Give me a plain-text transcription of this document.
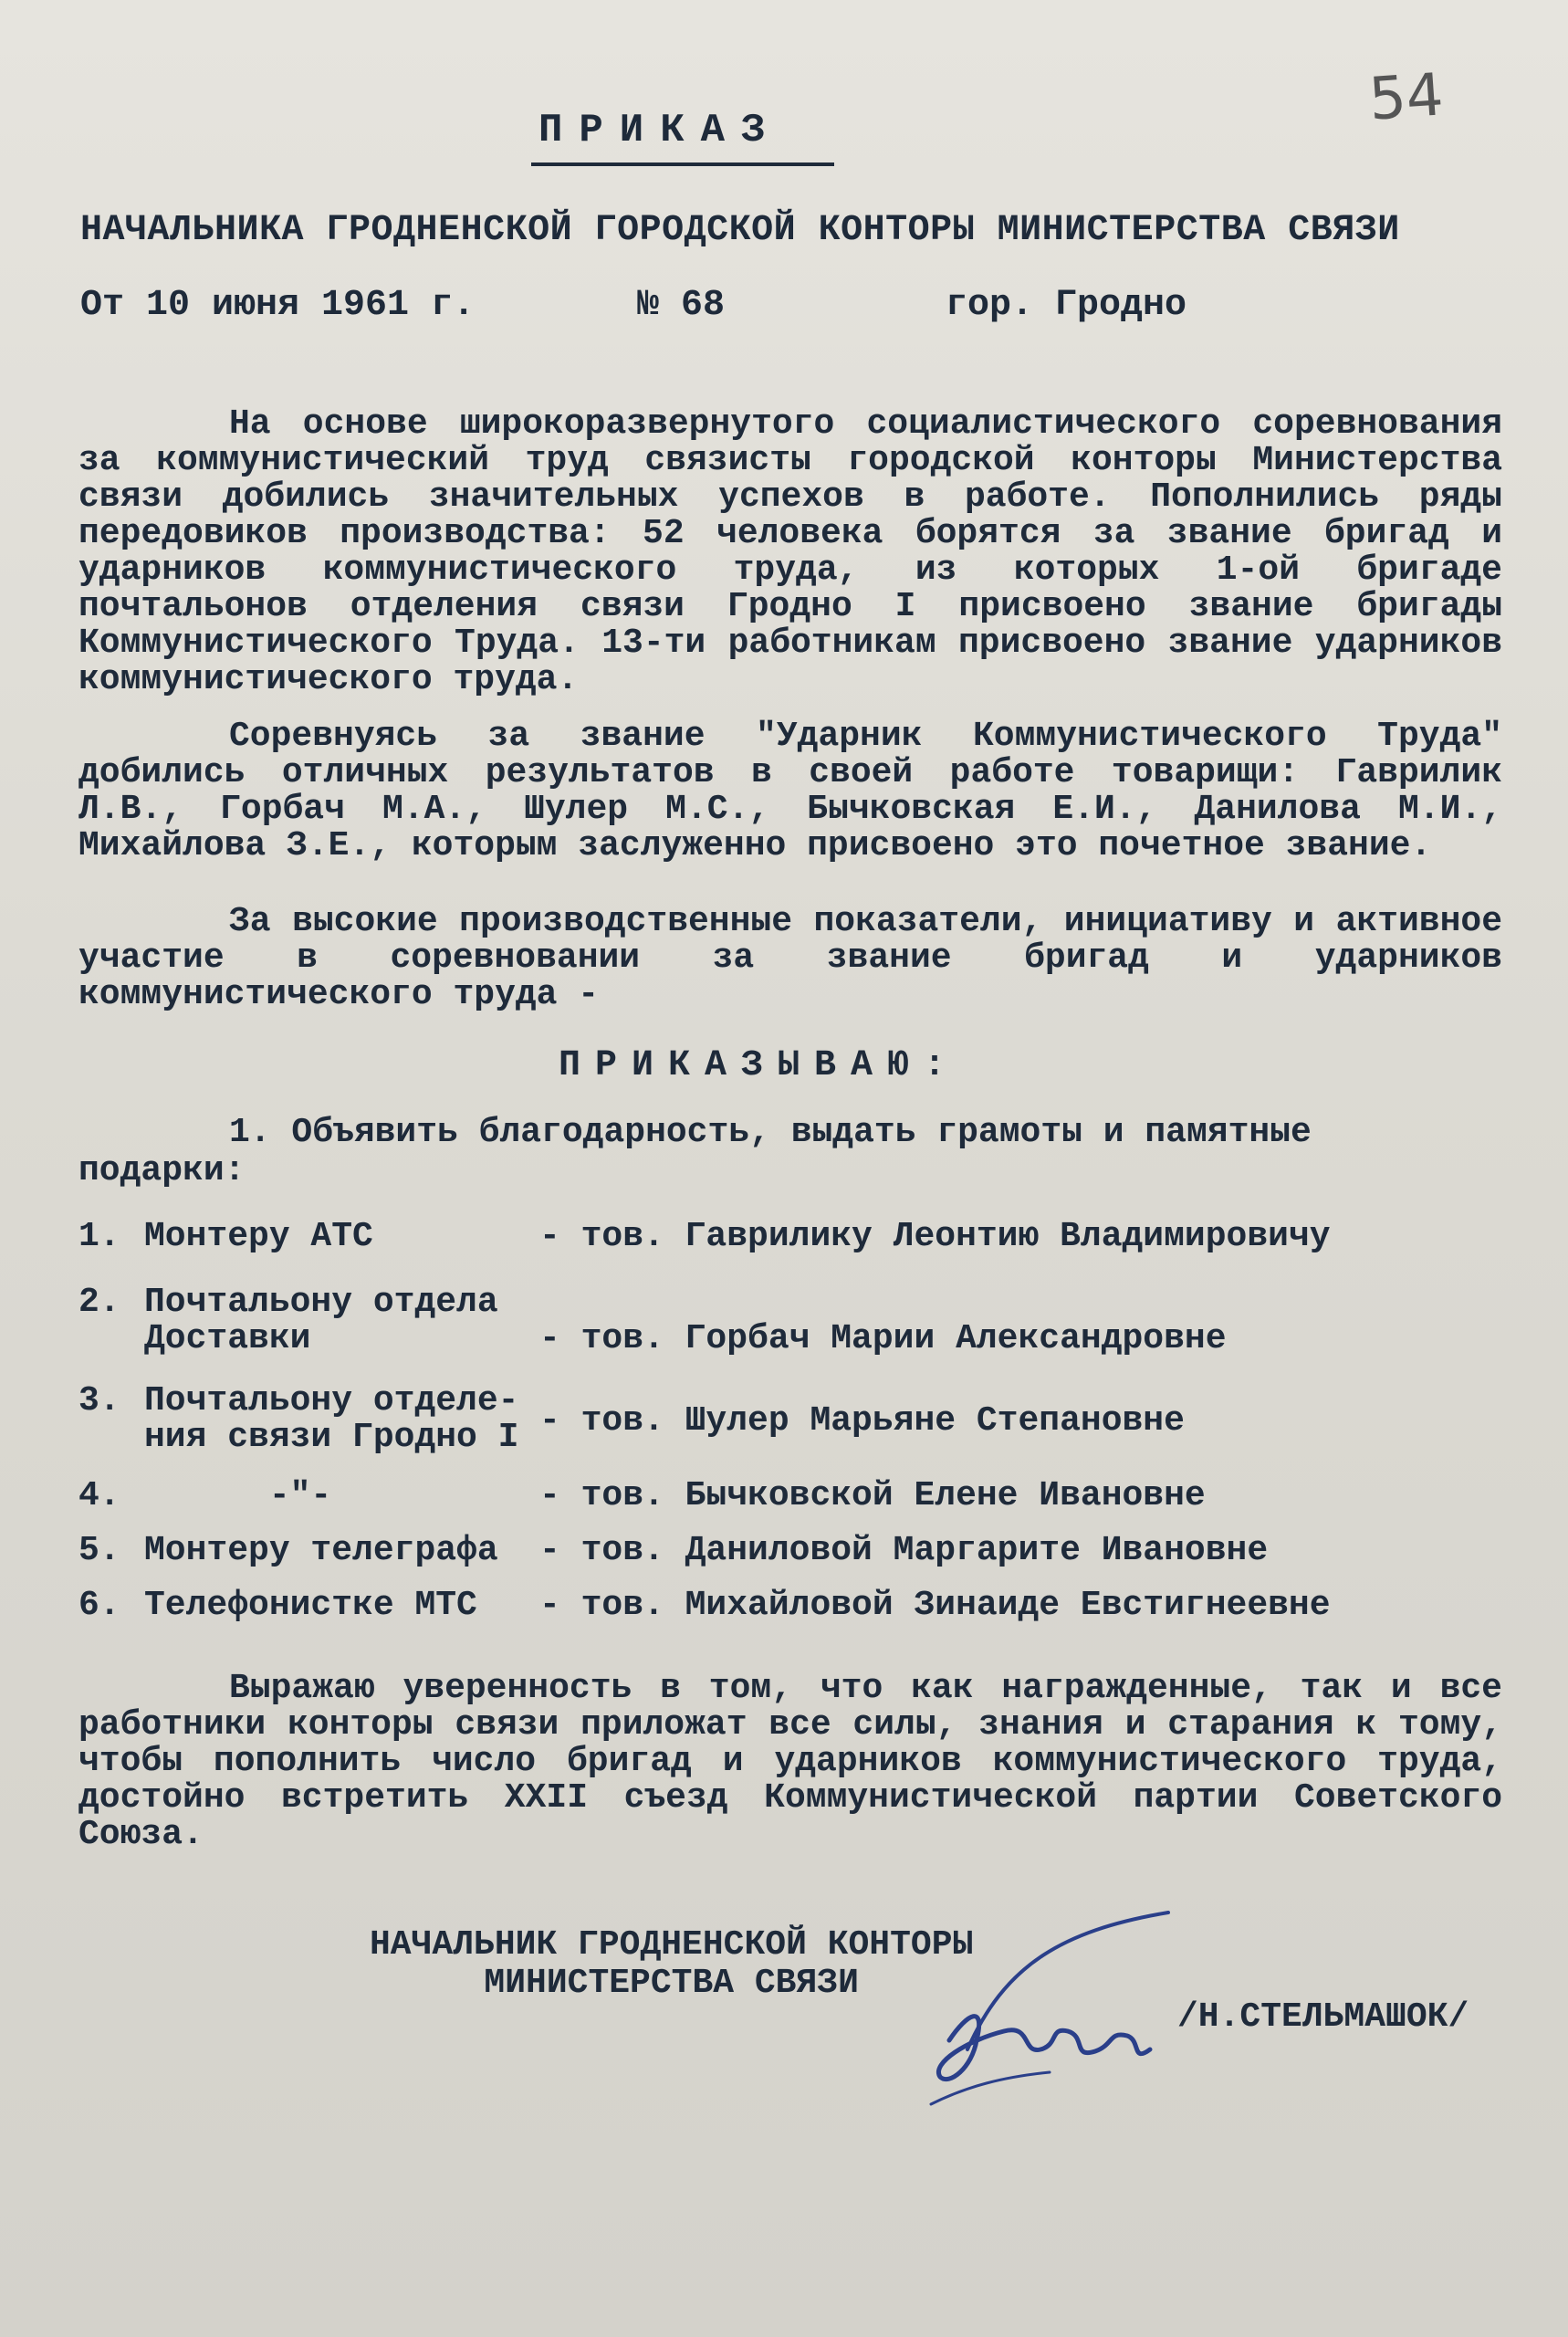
54
ПРИКАЗ
НАЧАЛЬНИКА ГРОДНЕНСКОЙ ГОРОДСКОЙ КОНТОРЫ МИНИСТЕРСТВА СВЯЗИ
От 10 июня 1961 г.	№ 68	гор. Гродно

На основе широкоразвернутого социалистического соревнования за коммунистический труд связисты городской конторы Министерства связи добились значительных успехов в работе. Пополнились ряды передовиков производства: 52 человека борятся за звание бригад и ударников коммунистического труда, из которых 1-ой бригаде почтальонов отделения связи Гродно I присвоено звание бригады Коммунистического Труда. 13-ти работникам присвоено звание ударников коммунистического труда.

Соревнуясь за звание "Ударник Коммунистического Труда" добились отличных результатов в своей работе товарищи: Гаврилик Л.В., Горбач М.А., Шулер М.С., Бычковская Е.И., Данилова М.И., Михайлова З.Е., которым заслуженно присвоено это почетное звание.

За высокие производственные показатели, инициативу и активное участие в соревновании за звание бригад и ударников коммунистического труда -

ПРИКАЗЫВАЮ:

1. Объявить благодарность, выдать грамоты и памятные подарки:

1. Монтеру АТС	- тов. Гаврилику Леонтию Владимировичу
2. Почтальону отдела
Доставки	- тов. Горбач Марии Александровне
3. Почтальону отделе-
ния связи Гродно I - тов. Шулер Марьяне Степановне
4. -"-	- тов. Бычковской Елене Ивановне
5. Монтеру телеграфа - тов. Даниловой Маргарите Ивановне
6. Телефонистке МТС - тов. Михайловой Зинаиде Евстигнеевне

Выражаю уверенность в том, что как награжденные, так и все работники конторы связи приложат все силы, знания и старания к тому, чтобы пополнить число бригад и ударников коммунистического труда, достойно встретить XXII съезд Коммунистической партии Советского Союза.

НАЧАЛЬНИК ГРОДНЕНСКОЙ КОНТОРЫ
МИНИСТЕРСТВА СВЯЗИ
/Н.СТЕЛЬМАШОК/
